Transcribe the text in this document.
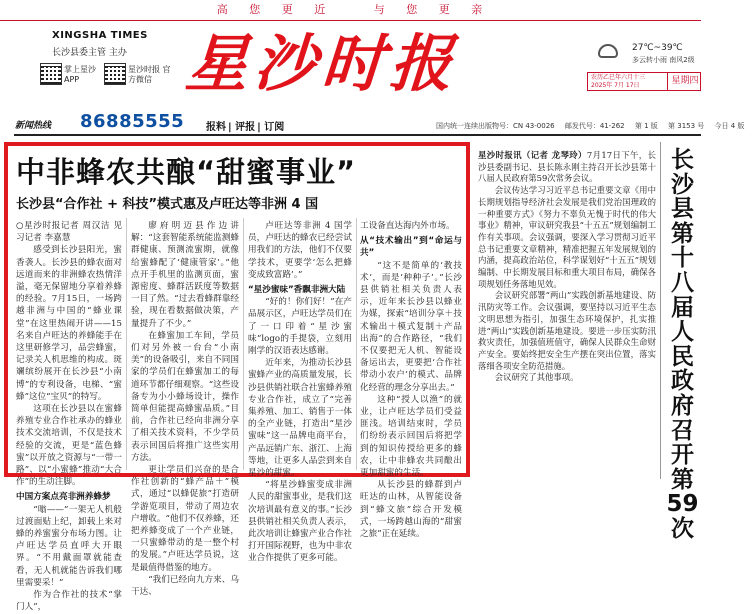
高 您 更 近	与 您 更 亲
XINGSHA TIMES
长沙县委主管 主办
掌上星沙 APP
星沙时报 官方微信 星沙时报	27℃~39℃
多云转小雨 南风2级
农历乙巳年六月十三
2025年 7月 17日	星期四
新闻热线 86885555 报料 | 评报 | 订阅	国内统一连续出版物号：CN 43-0026 邮发代号：41-262 第 1 版 第 3153 号 今日 4 版
中非蜂农共酿“甜蜜事业”
长沙县“合作社 + 科技”模式惠及卢旺达等非洲 4 国

○星沙时报记者 周汉洁 见习记者 李嘉慧

感受到长沙县阳光，蜜香袭人。长沙县的蜂农面对远道而来的非洲蜂农热情洋溢，毫无保留地分享着养蜂的经验。7月15日，一场跨越非洲与中国的“蜂业课堂”在这里热闹开讲——15名来自卢旺达的养蜂能手在这里研修学习，品尝蜂蜜，记录关人机思维的构成。斑斓缤纷展开在长沙县“小南博”的专利设备，电梯、“蜜蜂”这位“宝贝”的特写。

这项在长沙县以在蜜蜂养殖专业合作社承办的蜂业技术交流培训，不仅是技术经验的交流，更是“蓝色蜂蜜”以开放之资源与“一带一路”、以“小蜜蜂”推动“大合作”的生动注脚。

中国方案点亮非洲养蜂梦

“嗡——”一架无人机般过渡面贴上纪，卸载上来对蜂的养蜜蜜分布场力图。让卢旺达学员直呼大开眼界。“不用戴面罩就能查看，无人机就能告诉我们哪里需要采！”

作为合作社的技术“掌门人”，

廖府明迈县作边讲解：“这套智能系统能监测蜂群健康、预测流蜜期，就像给蜜蜂配了‘健康管家’。”他点开手机里的监测页面，蜜源密度、蜂群活跃度等数据一目了然。“过去看蜂群靠经验，现在看数据做决策，产量提升了不少。”

在蜂蜜加工车间，学员们对另外被一台台“小南美”的设备吸引，来自不同国家的学员们在蜂蜜加工的每道环节都仔细观察。“这些设备专为小小蜂场设计，操作简单但能提高蜂蜜品质。”目前，合作社已经向非洲分享了相关技术资料，不少学员表示回国后将推广这些实用方法。

更让学员们兴奋的是合作社创新的“蜂产品＋”模式，通过“以蜂促旅”打造研学游览项目，带动了周边农户增收。“他们不仅养蜂，还把养蜂变成了一个产业链，一只蜜蜂带动的是一整个村的发展。”卢旺达学员说，这是最值得借鉴的地方。

“我们已经向九方来、乌干达、

卢旺达等非洲 4 国学员，卢旺达的蜂农已经尝试用我们的方法，他们不仅要学技术，更要学‘怎么把蜂变成致富路’。”

“星沙蜜味”香飘非洲大陆

“好的！你们好！”在产品展示区，卢旺达学员们在了一口印着“星沙蜜味”logo的手提袋，立刻用刚学的汉语表达感谢。

近年来，为推动长沙县蜜蜂产业的高质量发展，长沙县供销社联合社蜜蜂养殖专业合作社，成立了“完善集养殖、加工、销售于一体的全产业链，打造出“星沙蜜味”这一品牌电商平台，产品远销广东、浙江、上海等地，让更多人品尝到来自星沙的甜蜜。

“将星沙蜂蜜变成非洲人民的甜蜜事业，是我们这次培训最有意义的事。”长沙县供销社相关负责人表示，此次培训让蜂蜜产业合作社打开国际视野，也为中非农业合作提供了更多可能。

工设备直达海内外市场。

从“技术输出”到“命运与共”

“这不是简单的‘教技术’，而是‘种种子’。”长沙县供销社相关负责人表示，近年来长沙县以蜂业为媒，探索“培训分享＋技术输出＋模式复制＋产品出海”的合作路径，“我们不仅要把无人机、智能设备运出去，更要把‘合作社带动小农户’的模式、品牌化经营的理念分享出去。”

这种“授人以渔”的就业，让卢旺达学员们受益匪浅。培训结束时，学员们纷纷表示回国后将把学到的知识传授给更多的蜂农，让中非蜂农共同酿出更加甜蜜的生活。

从长沙县的蜂群到卢旺达的山林，从智能设备到“蜂文旅”综合开发模式，一场跨越山海的“甜蜜之旅”正在延续。

星沙时报讯（记者 龙琴玲）7月17日下午，长沙县委副书记、县长陈永刚主持召开长沙县第十八届人民政府第59次常务会议。

会议传达学习习近平总书记重要文章《用中长期规划指导经济社会发展是我们党治国理政的一种重要方式》《努力不辜负无愧于时代的伟大事业》精神，审议研究我县“十五五”规划编制工作有关事项。会议强调，要深入学习贯彻习近平总书记重要文章精神，精准把握五年发展规划的内涵，提高政治站位，科学谋划好“十五五”规划编制、中长期发展目标和重大项目布局，确保各项规划任务落地见效。

会议研究部署“两山”实践创新基地建设、防汛防灾等工作。会议强调，要坚持以习近平生态文明思想为指引，加强生态环境保护，扎实推进“两山”实践创新基地建设。要进一步压实防汛救灾责任，加强值班值守，确保人民群众生命财产安全。要始终把安全生产摆在突出位置，落实落细各项安全防范措施。

会议研究了其他事项。

长沙县第十八届人民政府召开第59次
